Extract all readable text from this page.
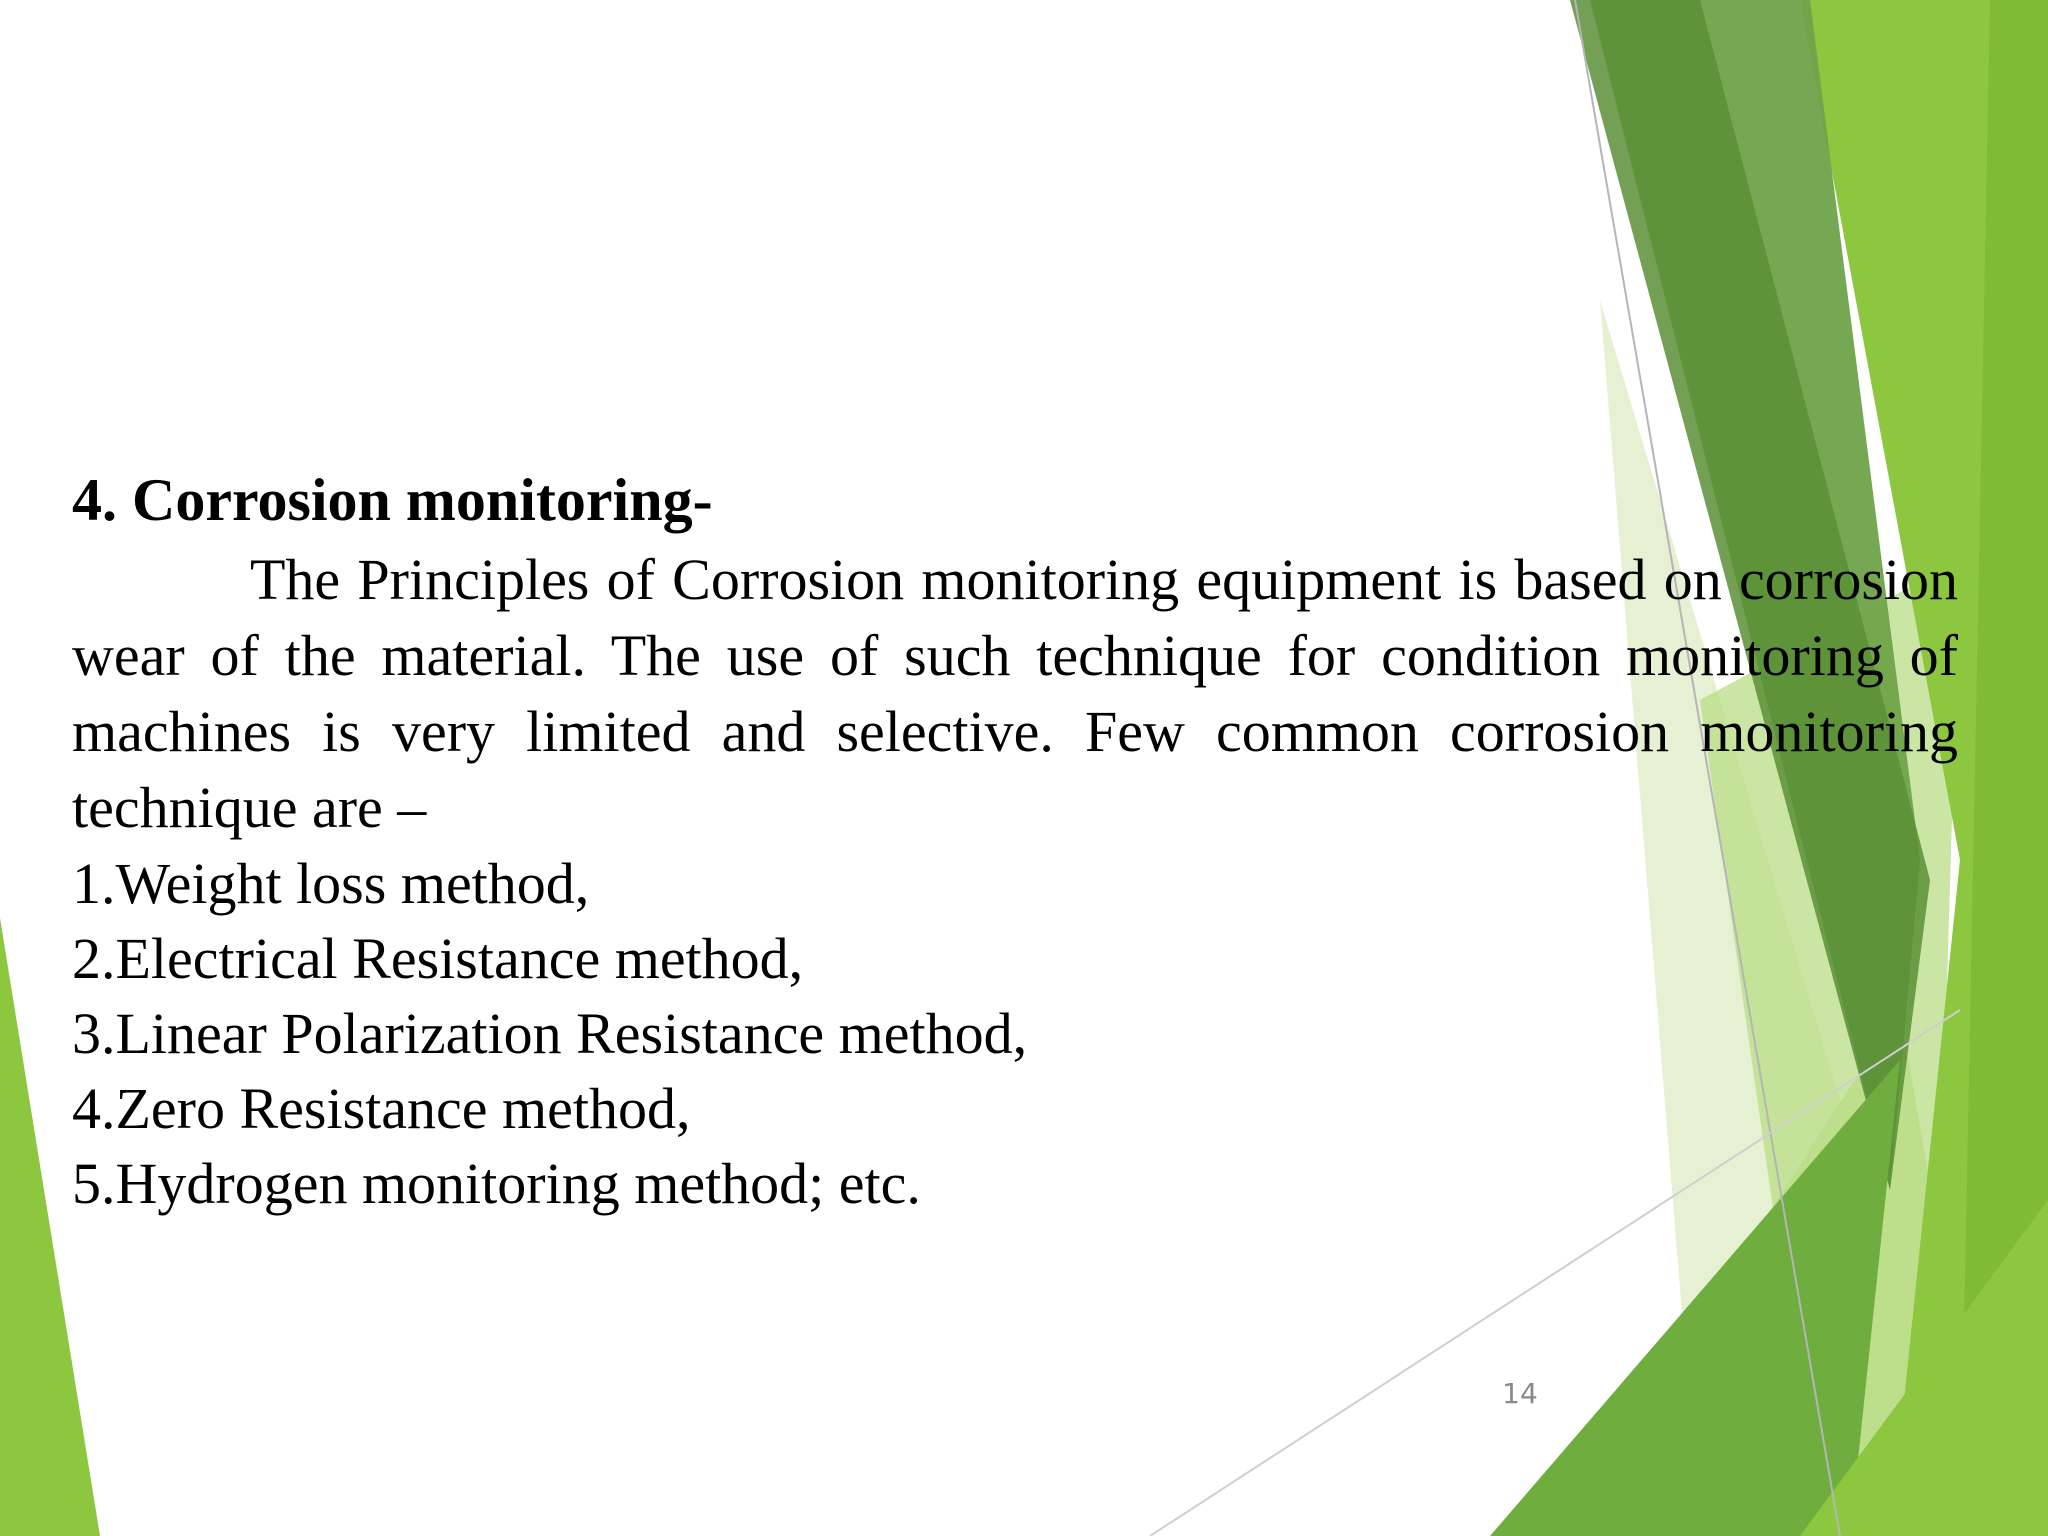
4. Corrosion monitoring-

The Principles of Corrosion monitoring equipment is based on corrosion wear of the material. The use of such technique for condition monitoring of machines is very limited and selective. Few common corrosion monitoring technique are –

1.Weight loss method,
2.Electrical Resistance method,
3.Linear Polarization Resistance method,
4.Zero Resistance method,
5.Hydrogen monitoring method; etc.
14
